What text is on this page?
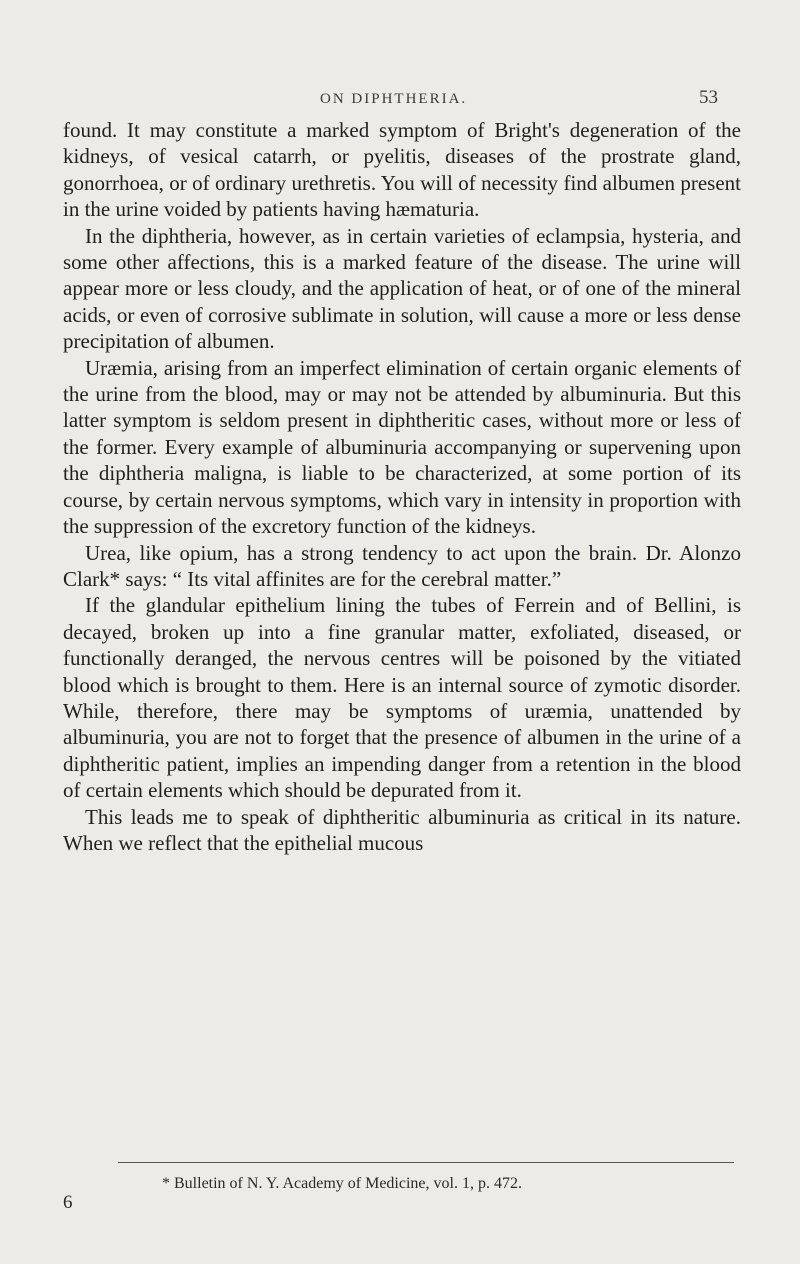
ON DIPHTHERIA.	53

found. It may constitute a marked symptom of Bright's degeneration of the kidneys, of vesical catarrh, or pyelitis, diseases of the prostrate gland, gonorrhoea, or of ordinary urethretis. You will of necessity find albumen present in the urine voided by patients having hæmaturia.

In the diphtheria, however, as in certain varieties of eclampsia, hysteria, and some other affections, this is a marked feature of the disease. The urine will appear more or less cloudy, and the application of heat, or of one of the mineral acids, or even of corrosive sublimate in solution, will cause a more or less dense precipitation of albumen.

Uræmia, arising from an imperfect elimination of certain organic elements of the urine from the blood, may or may not be attended by albuminuria. But this latter symptom is seldom present in diphtheritic cases, without more or less of the former. Every example of albuminuria accompanying or supervening upon the diphtheria maligna, is liable to be characterized, at some portion of its course, by certain nervous symptoms, which vary in intensity in proportion with the suppression of the excretory function of the kidneys.

Urea, like opium, has a strong tendency to act upon the brain. Dr. Alonzo Clark* says: “ Its vital affinites are for the cerebral matter.”

If the glandular epithelium lining the tubes of Ferrein and of Bellini, is decayed, broken up into a fine granular matter, exfoliated, diseased, or functionally deranged, the nervous centres will be poisoned by the vitiated blood which is brought to them. Here is an internal source of zymotic disorder. While, therefore, there may be symptoms of uræmia, unattended by albuminuria, you are not to forget that the presence of albumen in the urine of a diphtheritic patient, implies an impending danger from a retention in the blood of certain elements which should be depurated from it.

This leads me to speak of diphtheritic albuminuria as critical in its nature. When we reflect that the epithelial mucous

* Bulletin of N. Y. Academy of Medicine, vol. 1, p. 472.
6
